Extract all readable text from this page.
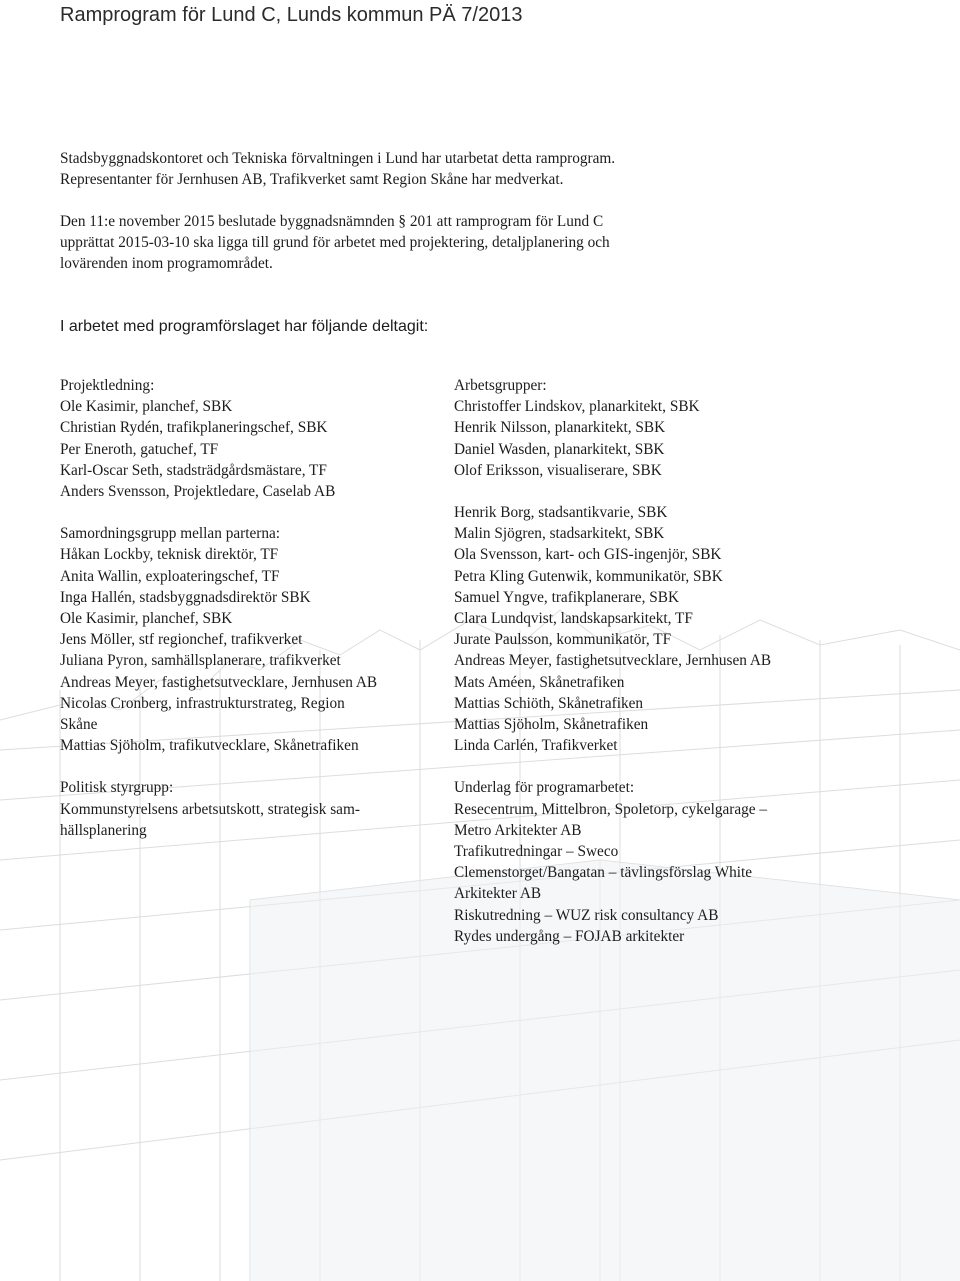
Ramprogram för Lund C, Lunds kommun PÄ 7/2013
Stadsbyggnadskontoret och Tekniska förvaltningen i Lund har utarbetat detta ramprogram.
Representanter för Jernhusen AB, Trafikverket samt Region Skåne har medverkat.
Den 11:e november 2015 beslutade byggnadsnämnden § 201 att ramprogram för Lund C
upprättat 2015-03-10 ska ligga till grund för arbetet med projektering, detaljplanering och
lovärenden inom programområdet.
I arbetet med programförslaget har följande deltagit:
Projektledning:
Ole Kasimir, planchef, SBK
Christian Rydén, trafikplaneringschef, SBK
Per Eneroth, gatuchef, TF
Karl-Oscar Seth, stadsträdgårdsmästare, TF
Anders Svensson, Projektledare, Caselab AB
Samordningsgrupp mellan parterna:
Håkan Lockby, teknisk direktör, TF
Anita Wallin, exploateringschef, TF
Inga Hallén, stadsbyggnadsdirektör SBK
Ole Kasimir, planchef, SBK
Jens Möller, stf regionchef, trafikverket
Juliana Pyron, samhällsplanerare, trafikverket
Andreas Meyer, fastighetsutvecklare, Jernhusen AB
Nicolas Cronberg, infrastrukturstrateg, Region
Skåne
Mattias Sjöholm, trafikutvecklare, Skånetrafiken
Politisk styrgrupp:
Kommunstyrelsens arbetsutskott, strategisk sam-
hällsplanering
Arbetsgrupper:
Christoffer Lindskov, planarkitekt, SBK
Henrik Nilsson, planarkitekt, SBK
Daniel Wasden, planarkitekt, SBK
Olof Eriksson, visualiserare, SBK
Henrik Borg, stadsantikvarie, SBK
Malin Sjögren, stadsarkitekt, SBK
Ola Svensson, kart- och GIS-ingenjör, SBK
Petra Kling Gutenwik, kommunikatör, SBK
Samuel Yngve, trafikplanerare, SBK
Clara Lundqvist, landskapsarkitekt, TF
Jurate Paulsson, kommunikatör, TF
Andreas Meyer, fastighetsutvecklare, Jernhusen AB
Mats Améen, Skånetrafiken
Mattias Schiöth, Skånetrafiken
Mattias Sjöholm, Skånetrafiken
Linda Carlén, Trafikverket
Underlag för programarbetet:
Resecentrum, Mittelbron, Spoletorp, cykelgarage –
Metro Arkitekter AB
Trafikutredningar – Sweco
Clemenstorget/Bangatan – tävlingsförslag White
Arkitekter AB
Riskutredning – WUZ risk consultancy AB
Rydes undergång – FOJAB arkitekter
